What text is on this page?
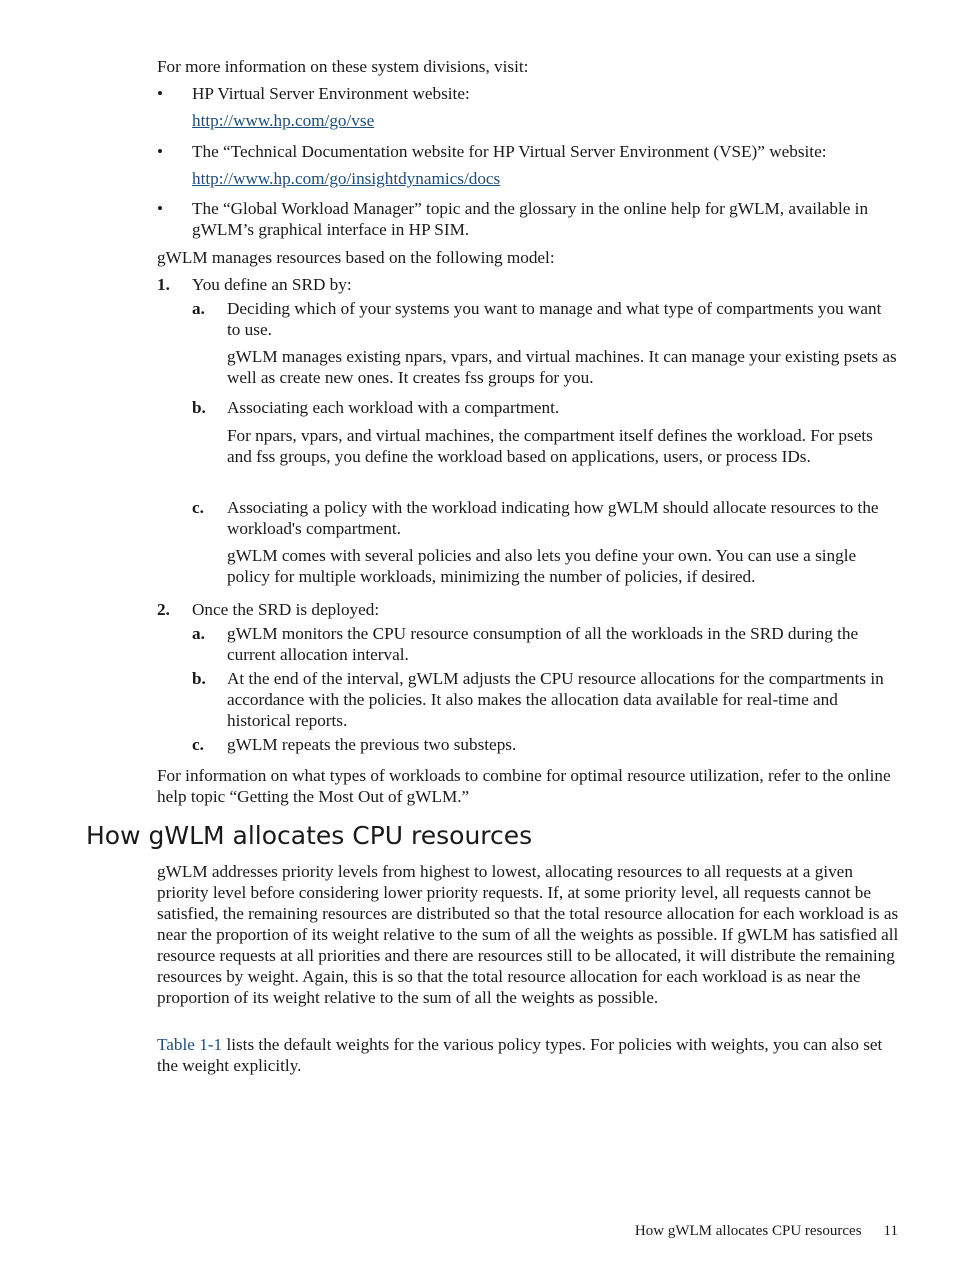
For more information on these system divisions, visit:

•	HP Virtual Server Environment website:

http://www.hp.com/go/vse

•	The “Technical Documentation website for HP Virtual Server Environment (VSE)” website:

http://www.hp.com/go/insightdynamics/docs

•	The “Global Workload Manager” topic and the glossary in the online help for gWLM, available in gWLM’s graphical interface in HP SIM.

gWLM manages resources based on the following model:

1. You define an SRD by:

a. Deciding which of your systems you want to manage and what type of compartments you want to use.

gWLM manages existing npars, vpars, and virtual machines. It can manage your existing psets as well as create new ones. It creates fss groups for you.

b. Associating each workload with a compartment.

For npars, vpars, and virtual machines, the compartment itself defines the workload. For psets and fss groups, you define the workload based on applications, users, or process IDs.

c. Associating a policy with the workload indicating how gWLM should allocate resources to the workload's compartment.

gWLM comes with several policies and also lets you define your own. You can use a single policy for multiple workloads, minimizing the number of policies, if desired.

2. Once the SRD is deployed:

a. gWLM monitors the CPU resource consumption of all the workloads in the SRD during the current allocation interval.

b. At the end of the interval, gWLM adjusts the CPU resource allocations for the compartments in accordance with the policies. It also makes the allocation data available for real-time and historical reports.

c. gWLM repeats the previous two substeps.

For information on what types of workloads to combine for optimal resource utilization, refer to the online help topic “Getting the Most Out of gWLM.”

How gWLM allocates CPU resources

gWLM addresses priority levels from highest to lowest, allocating resources to all requests at a given priority level before considering lower priority requests. If, at some priority level, all requests cannot be satisfied, the remaining resources are distributed so that the total resource allocation for each workload is as near the proportion of its weight relative to the sum of all the weights as possible. If gWLM has satisfied all resource requests at all priorities and there are resources still to be allocated, it will distribute the remaining resources by weight. Again, this is so that the total resource allocation for each workload is as near the proportion of its weight relative to the sum of all the weights as possible.

Table 1-1 lists the default weights for the various policy types. For policies with weights, you can also set the weight explicitly.

How gWLM allocates CPU resources 11
